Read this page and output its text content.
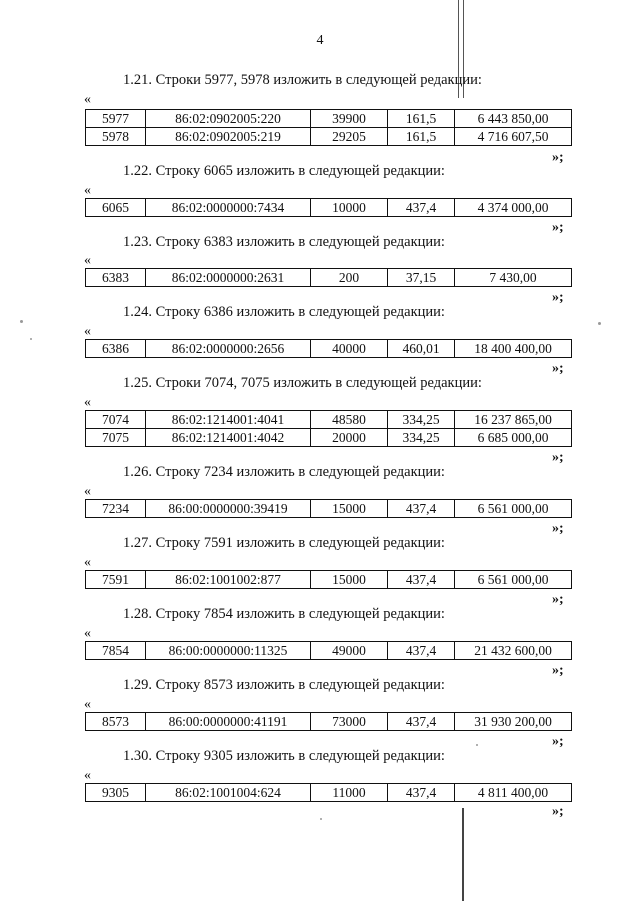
4
1.21. Строки 5977, 5978 изложить в следующей редакции:
«
5977	86:02:0902005:220	39900	161,5	6 443 850,00
5978	86:02:0902005:219	29205	161,5	4 716 607,50
»;
1.22. Строку 6065 изложить в следующей редакции:
«
6065	86:02:0000000:7434	10000	437,4	4 374 000,00
»;
1.23. Строку 6383 изложить в следующей редакции:
«
6383	86:02:0000000:2631	200	37,15	7 430,00
»;
1.24. Строку 6386 изложить в следующей редакции:
«
6386	86:02:0000000:2656	40000	460,01	18 400 400,00
»;
1.25. Строки 7074, 7075 изложить в следующей редакции:
«
7074	86:02:1214001:4041	48580	334,25	16 237 865,00
7075	86:02:1214001:4042	20000	334,25	6 685 000,00
»;
1.26. Строку 7234 изложить в следующей редакции:
«
7234	86:00:0000000:39419	15000	437,4	6 561 000,00
»;
1.27. Строку 7591 изложить в следующей редакции:
«
7591	86:02:1001002:877	15000	437,4	6 561 000,00
»;
1.28. Строку 7854 изложить в следующей редакции:
«
7854	86:00:0000000:11325	49000	437,4	21 432 600,00
»;
1.29. Строку 8573 изложить в следующей редакции:
«
8573	86:00:0000000:41191	73000	437,4	31 930 200,00
»;
1.30. Строку 9305 изложить в следующей редакции:
«
9305	86:02:1001004:624	11000	437,4	4 811 400,00
»;
